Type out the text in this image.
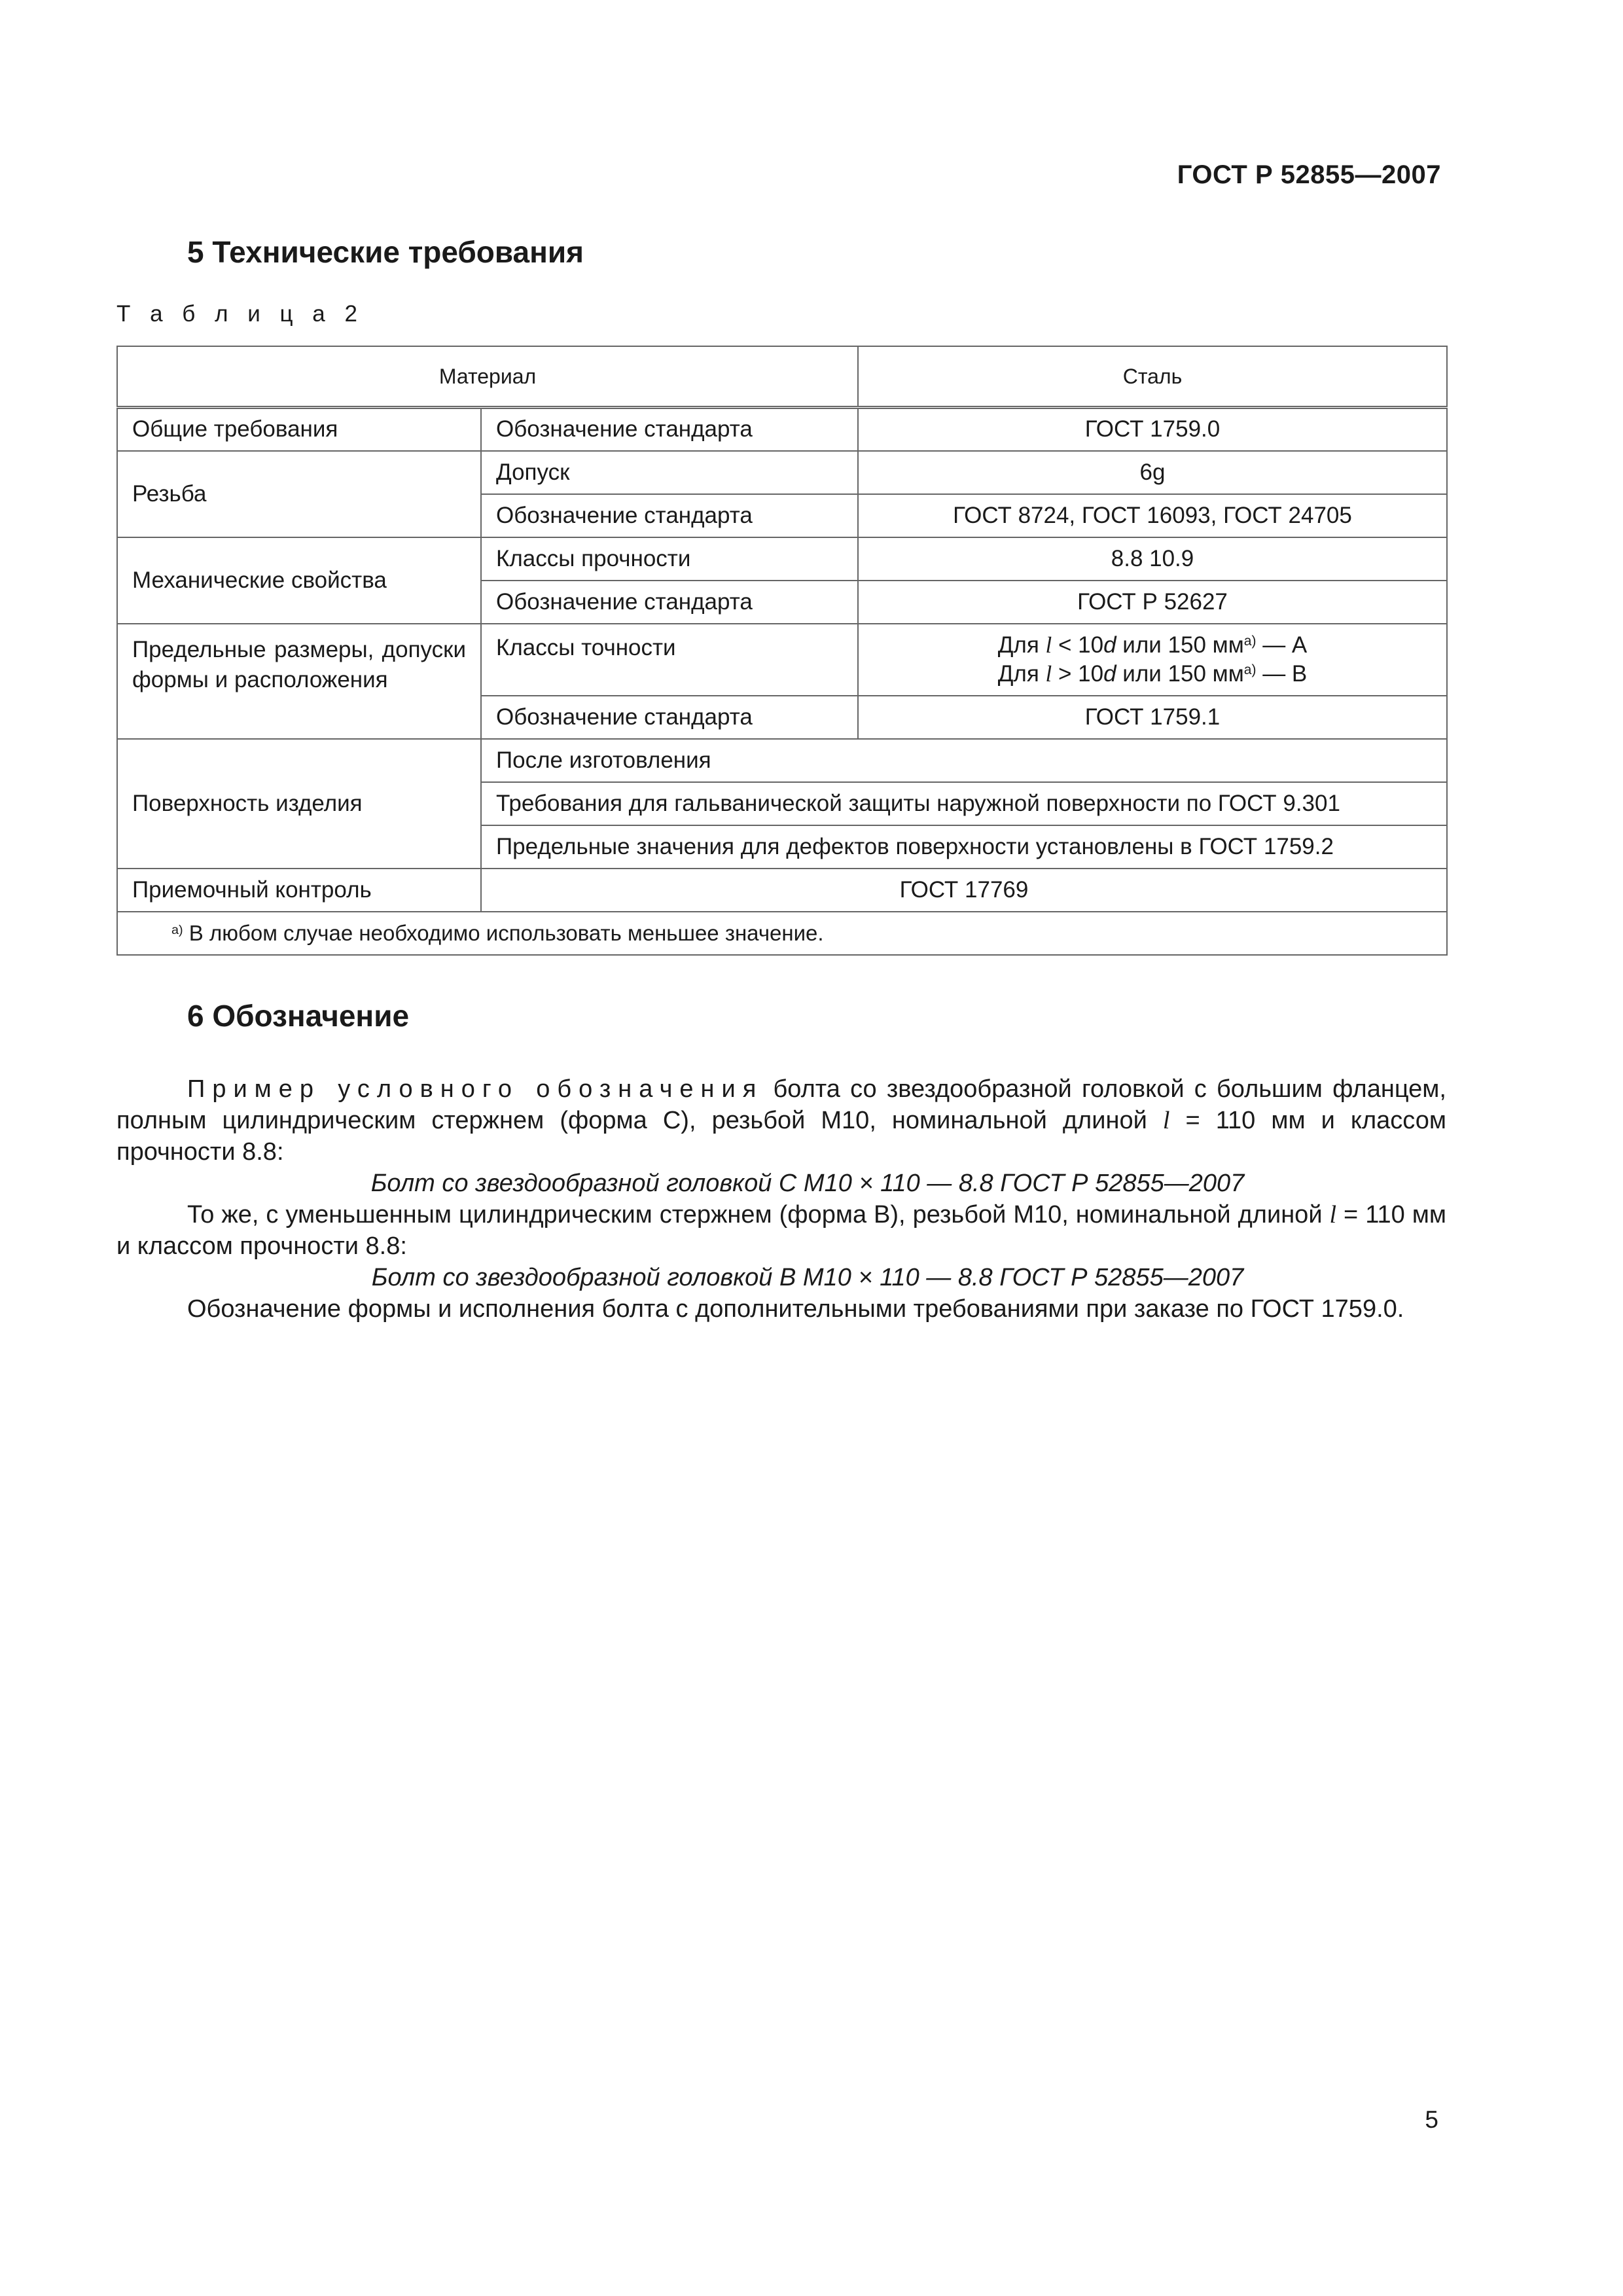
ГОСТ Р 52855—2007
5 Технические требования
Т а б л и ц а 2
Материал		Сталь
Общие требования	Обозначение стандарта	ГОСТ 1759.0
Резьба	Допуск	6g
	Обозначение стандарта	ГОСТ 8724, ГОСТ 16093, ГОСТ 24705
Механические свойства	Классы прочности	8.8 10.9
	Обозначение стандарта	ГОСТ Р 52627
Предельные размеры, допуски формы и расположения	Классы точности	Для l < 10d или 150 $мм^{а)}$ — А
Для l > 10d или 150 $мм^{а)}$ — В

	Обозначение стандарта	ГОСТ 1759.1
Поверхность изделия	После изготовления	
	Требования для гальванической защиты наружной поверхности по ГОСТ 9.301	
	Предельные значения для дефектов поверхности установлены в ГОСТ 1759.2	
Приемочный контроль	ГОСТ 17769	
$^{а)}$ В любом случае необходимо использовать меньшее значение.		
6 Обозначение

Пример условного обозначения болта со звездообразной головкой с большим фланцем, полным цилиндрическим стержнем (форма С), резьбой М10, номинальной длиной l = 110 мм и классом прочности 8.8:

Болт со звездообразной головкой С М10 × 110 — 8.8 ГОСТ Р 52855—2007

То же, с уменьшенным цилиндрическим стержнем (форма В), резьбой М10, номинальной длиной l = 110 мм и классом прочности 8.8:

Болт со звездообразной головкой В М10 × 110 — 8.8 ГОСТ Р 52855—2007

Обозначение формы и исполнения болта с дополнительными требованиями при заказе по ГОСТ 1759.0.

5
